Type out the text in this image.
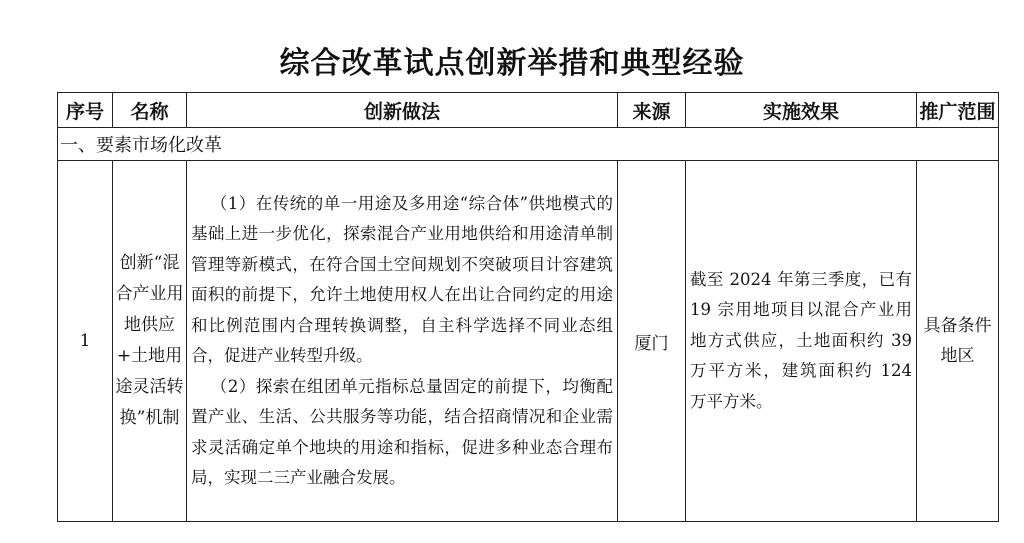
综合改革试点创新举措和典型经验
序号	名称	创新做法	来源	实施效果	推广范围
一、要素市场化改革					
1	创新“混合产业用地供应+土地用途灵活转换”机制	（1）在传统的单一用途及多用途“综合体”供地模式的基础上进一步优化，探索混合产业用地供给和用途清单制管理等新模式，在符合国土空间规划不突破项目计容建筑面积的前提下，允许土地使用权人在出让合同约定的用途和比例范围内合理转换调整，自主科学选择不同业态组合，促进产业转型升级。

（2）探索在组团单元指标总量固定的前提下，均衡配置产业、生活、公共服务等功能，结合招商情况和企业需求灵活确定单个地块的用途和指标，促进多种业态合理布局，实现二三产业融合发展。	厦门	截至 2024 年第三季度，已有 19 宗用地项目以混合产业用地方式供应，土地面积约 39 万平方米，建筑面积约 124 万平方米。	具备条件地区
